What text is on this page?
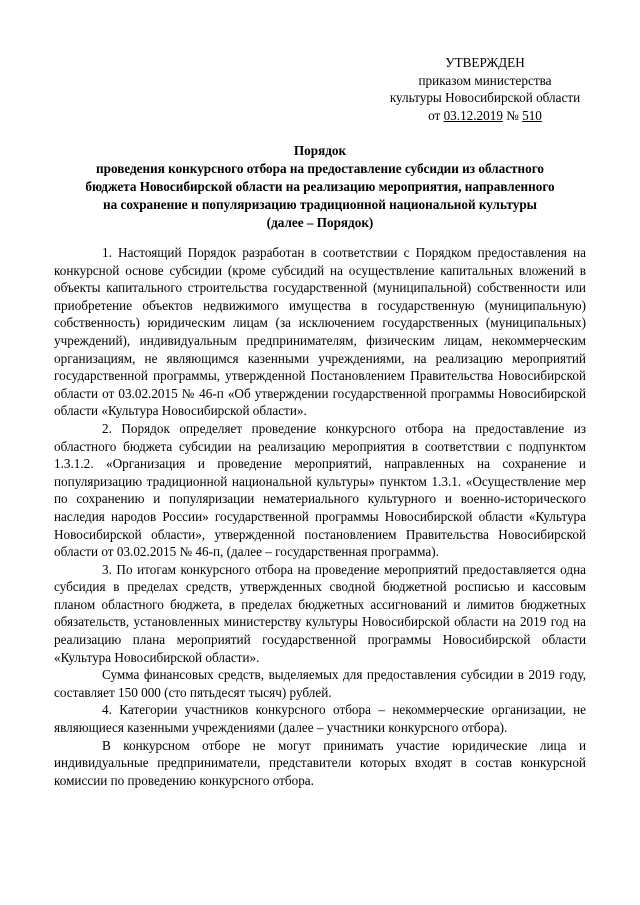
УТВЕРЖДЕН
приказом министерства
культуры Новосибирской области
от 03.12.2019 № 510
Порядок
проведения конкурсного отбора на предоставление субсидии из областного
бюджета Новосибирской области на реализацию мероприятия, направленного
на сохранение и популяризацию традиционной национальной культуры
(далее – Порядок)

1. Настоящий Порядок разработан в соответствии с Порядком предоставления на конкурсной основе субсидии (кроме субсидий на осуществление капитальных вложений в объекты капитального строительства государственной (муниципальной) собственности или приобретение объектов недвижимого имущества в государственную (муниципальную) собственность) юридическим лицам (за исключением государственных (муниципальных) учреждений), индивидуальным предпринимателям, физическим лицам, некоммерческим организациям, не являющимся казенными учреждениями, на реализацию мероприятий государственной программы, утвержденной Постановлением Правительства Новосибирской области от 03.02.2015 № 46-п «Об утверждении государственной программы Новосибирской области «Культура Новосибирской области».

2. Порядок определяет проведение конкурсного отбора на предоставление из областного бюджета субсидии на реализацию мероприятия в соответствии с подпунктом 1.3.1.2. «Организация и проведение мероприятий, направленных на сохранение и популяризацию традиционной национальной культуры» пунктом 1.3.1. «Осуществление мер по сохранению и популяризации нематериального культурного и военно-исторического наследия народов России» государственной программы Новосибирской области «Культура Новосибирской области», утвержденной постановлением Правительства Новосибирской области от 03.02.2015 № 46-п, (далее – государственная программа).

3. По итогам конкурсного отбора на проведение мероприятий предоставляется одна субсидия в пределах средств, утвержденных сводной бюджетной росписью и кассовым планом областного бюджета, в пределах бюджетных ассигнований и лимитов бюджетных обязательств, установленных министерству культуры Новосибирской области на 2019 год на реализацию плана мероприятий государственной программы Новосибирской области «Культура Новосибирской области».

Сумма финансовых средств, выделяемых для предоставления субсидии в 2019 году, составляет 150 000 (сто пятьдесят тысяч) рублей.

4. Категории участников конкурсного отбора – некоммерческие организации, не являющиеся казенными учреждениями (далее – участники конкурсного отбора).

В конкурсном отборе не могут принимать участие юридические лица и индивидуальные предприниматели, представители которых входят в состав конкурсной комиссии по проведению конкурсного отбора.
